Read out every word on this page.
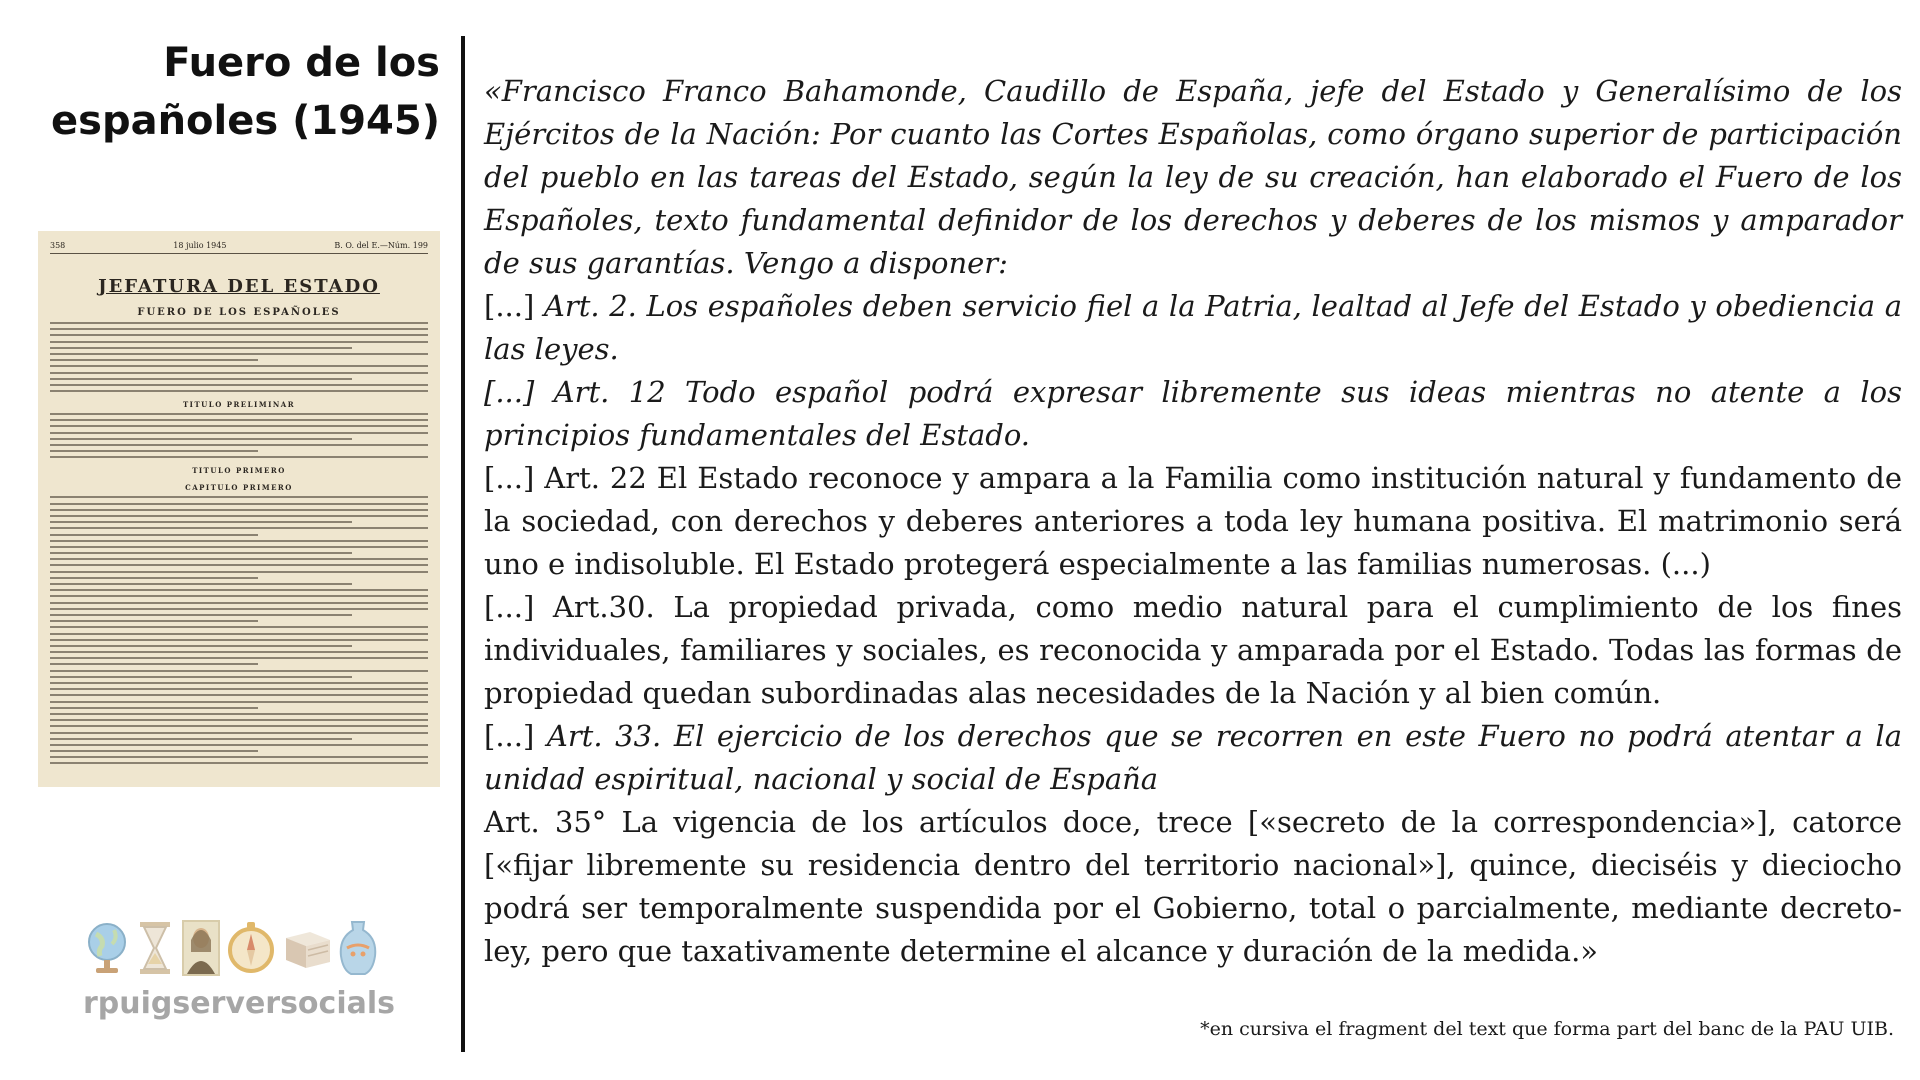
Fuero de los
españoles (1945)
358	18 julio 1945	B. O. del E.—Núm. 199
JEFATURA DEL ESTADO
FUERO DE LOS ESPAÑOLES
TITULO PRELIMINAR
TITULO PRIMERO
CAPITULO PRIMERO
rpuigserversocials

«Francisco Franco Bahamonde, Caudillo de España, jefe del Estado y Generalísimo de los Ejércitos de la Nación: Por cuanto las Cortes Españolas, como órgano superior de participación del pueblo en las tareas del Estado, según la ley de su creación, han elaborado el Fuero de los Españoles, texto fundamental definidor de los derechos y deberes de los mismos y amparador de sus garantías. Vengo a disponer:

[...] Art. 2. Los españoles deben servicio fiel a la Patria, lealtad al Jefe del Estado y obediencia a las leyes.

[...] Art. 12 Todo español podrá expresar libremente sus ideas mientras no atente a los principios fundamentales del Estado.

[...] Art. 22 El Estado reconoce y ampara a la Familia como institución natural y fundamento de la sociedad, con derechos y deberes anteriores a toda ley humana positiva. El matrimonio será uno e indisoluble. El Estado protegerá especialmente a las familias numerosas. (...)

[...] Art.30. La propiedad privada, como medio natural para el cumplimiento de los fines individuales, familiares y sociales, es reconocida y amparada por el Estado. Todas las formas de propiedad quedan subordinadas alas necesidades de la Nación y al bien común.

[...] Art. 33. El ejercicio de los derechos que se recorren en este Fuero no podrá atentar a la unidad espiritual, nacional y social de España

Art. 35° La vigencia de los artículos doce, trece [«secreto de la correspondencia»], catorce [«fijar libremente su residencia dentro del territorio nacional»], quince, dieciséis y dieciocho podrá ser temporalmente suspendida por el Gobierno, total o parcialmente, mediante decreto-ley, pero que taxativamente determine el alcance y duración de la medida.»

*en cursiva el fragment del text que forma part del banc de la PAU UIB.
